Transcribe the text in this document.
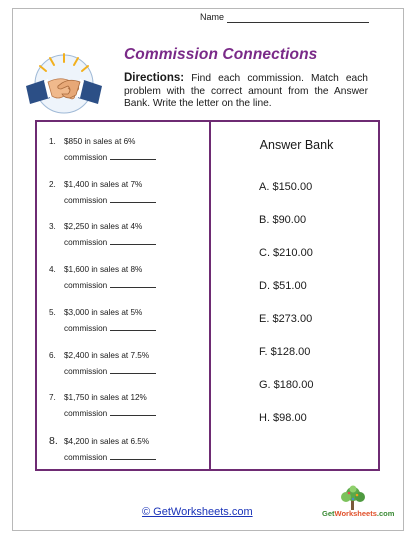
Name
Commission Connections
Directions: Find each commission. Match each problem with the correct amount from the Answer Bank. Write the letter on the line.
1. $850 in sales at 6%
commission
2. $1,400 in sales at 7%
commission
3. $2,250 in sales at 4%
commission
4. $1,600 in sales at 8%
commission
5. $3,000 in sales at 5%
commission
6. $2,400 in sales at 7.5%
commission
7. $1,750 in sales at 12%
commission
8. $4,200 in sales at 6.5%
commission
Answer Bank
A. $150.00
B. $90.00
C. $210.00
D. $51.00
E. $273.00
F. $128.00
G. $180.00
H. $98.00
© GetWorksheets.com	GetWorksheets.com
